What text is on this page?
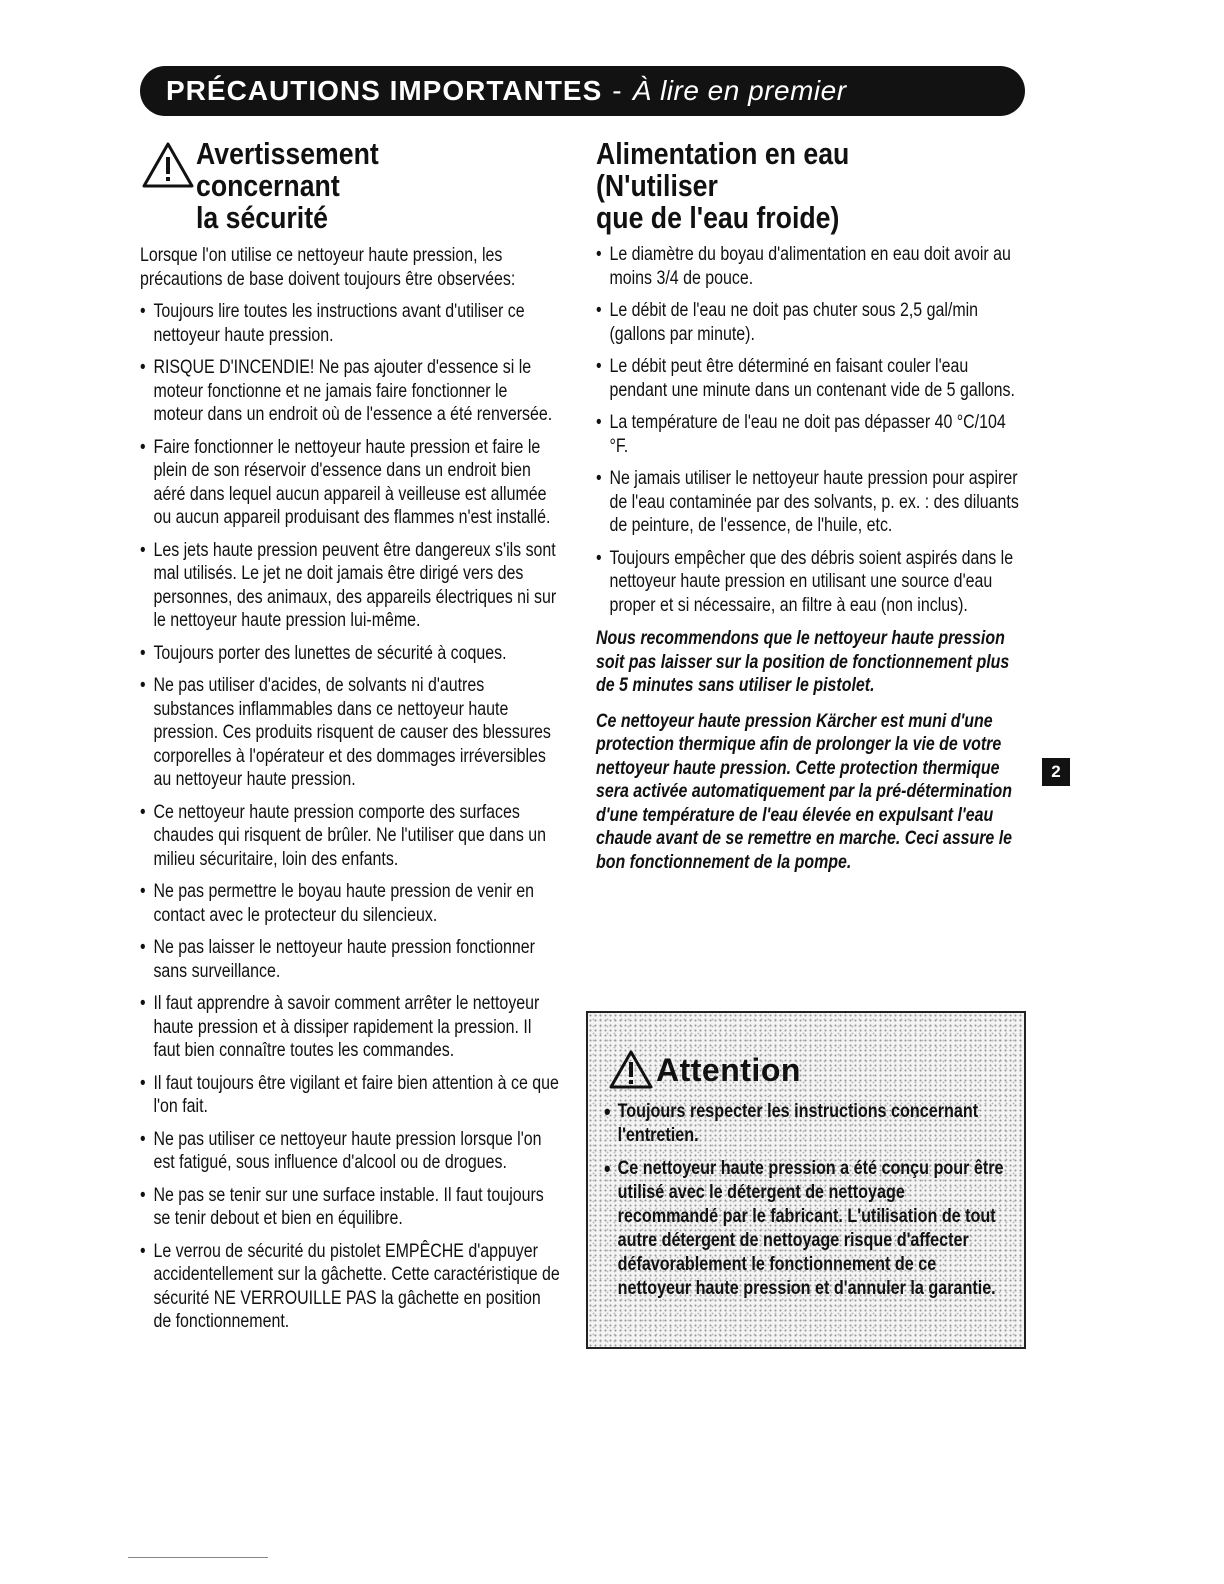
PRÉCAUTIONS IMPORTANTES - À lire en premier
Avertissement concernant
la sécurité
Lorsque l'on utilise ce nettoyeur haute pression, les précautions de base doivent toujours être observées:
• Toujours lire toutes les instructions avant d'utiliser ce nettoyeur haute pression.
• RISQUE D'INCENDIE! Ne pas ajouter d'essence si le moteur fonctionne et ne jamais faire fonctionner le moteur dans un endroit où de l'essence a été renversée.
• Faire fonctionner le nettoyeur haute pression et faire le plein de son réservoir d'essence dans un endroit bien aéré dans lequel aucun appareil à veilleuse est allumée ou aucun appareil produisant des flammes n'est installé.
• Les jets haute pression peuvent être dangereux s'ils sont mal utilisés. Le jet ne doit jamais être dirigé vers des personnes, des animaux, des appareils électriques ni sur le nettoyeur haute pression lui-même.
• Toujours porter des lunettes de sécurité à coques.
• Ne pas utiliser d'acides, de solvants ni d'autres substances inflammables dans ce nettoyeur haute pression. Ces produits risquent de causer des blessures corporelles à l'opérateur et des dommages irréversibles au nettoyeur haute pression.
• Ce nettoyeur haute pression comporte des surfaces chaudes qui risquent de brûler. Ne l'utiliser que dans un milieu sécuritaire, loin des enfants.
• Ne pas permettre le boyau haute pression de venir en contact avec le protecteur du silencieux.
• Ne pas laisser le nettoyeur haute pression fonctionner sans surveillance.
• Il faut apprendre à savoir comment arrêter le nettoyeur haute pression et à dissiper rapidement la pression. Il faut bien connaître toutes les commandes.
• Il faut toujours être vigilant et faire bien attention à ce que l'on fait.
• Ne pas utiliser ce nettoyeur haute pression lorsque l'on est fatigué, sous influence d'alcool ou de drogues.
• Ne pas se tenir sur une surface instable. Il faut toujours se tenir debout et bien en équilibre.
• Le verrou de sécurité du pistolet EMPÊCHE d'appuyer accidentellement sur la gâchette. Cette caractéristique de sécurité NE VERROUILLE PAS la gâchette en position de fonctionnement.
Alimentation en eau (N'utiliser
que de l'eau froide)
• Le diamètre du boyau d'alimentation en eau doit avoir au moins 3/4 de pouce.
• Le débit de l'eau ne doit pas chuter sous 2,5 gal/min (gallons par minute).
• Le débit peut être déterminé en faisant couler l'eau pendant une minute dans un contenant vide de 5 gallons.
• La température de l'eau ne doit pas dépasser 40 °C/104 °F.
• Ne jamais utiliser le nettoyeur haute pression pour aspirer de l'eau contaminée par des solvants, p. ex. : des diluants de peinture, de l'essence, de l'huile, etc.
• Toujours empêcher que des débris soient aspirés dans le nettoyeur haute pression en utilisant une source d'eau proper et si nécessaire, an filtre à eau (non inclus).
Nous recommendons que le nettoyeur haute pression soit pas laisser sur la position de fonctionnement plus de 5 minutes sans utiliser le pistolet.
Ce nettoyeur haute pression Kärcher est muni d'une protection thermique afin de prolonger la vie de votre nettoyeur haute pression. Cette protection thermique sera activée automatiquement par la pré-détermination d'une température de l'eau élevée en expulsant l'eau chaude avant de se remettre en marche. Ceci assure le bon fonctionnement de la pompe.
2
Attention
• Toujours respecter les instructions concernant l'entretien.
• Ce nettoyeur haute pression a été conçu pour être utilisé avec le détergent de nettoyage recommandé par le fabricant. L'utilisation de tout autre détergent de nettoyage risque d'affecter défavorablement le fonctionnement de ce nettoyeur haute pression et d'annuler la garantie.
